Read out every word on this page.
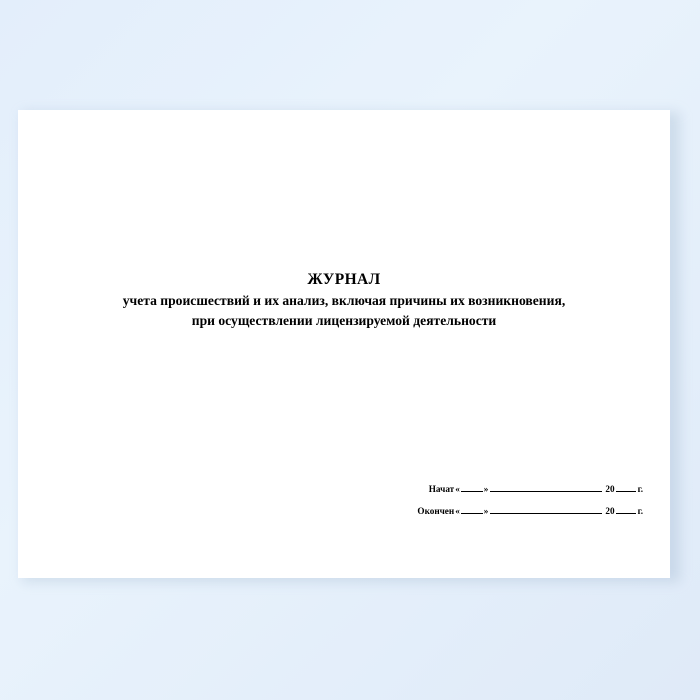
ЖУРНАЛ
учета происшествий и их анализ, включая причины их возникновения,
при осуществлении лицензируемой деятельности
Начат «	»	20	г.
Окончен «	»	20	г.
